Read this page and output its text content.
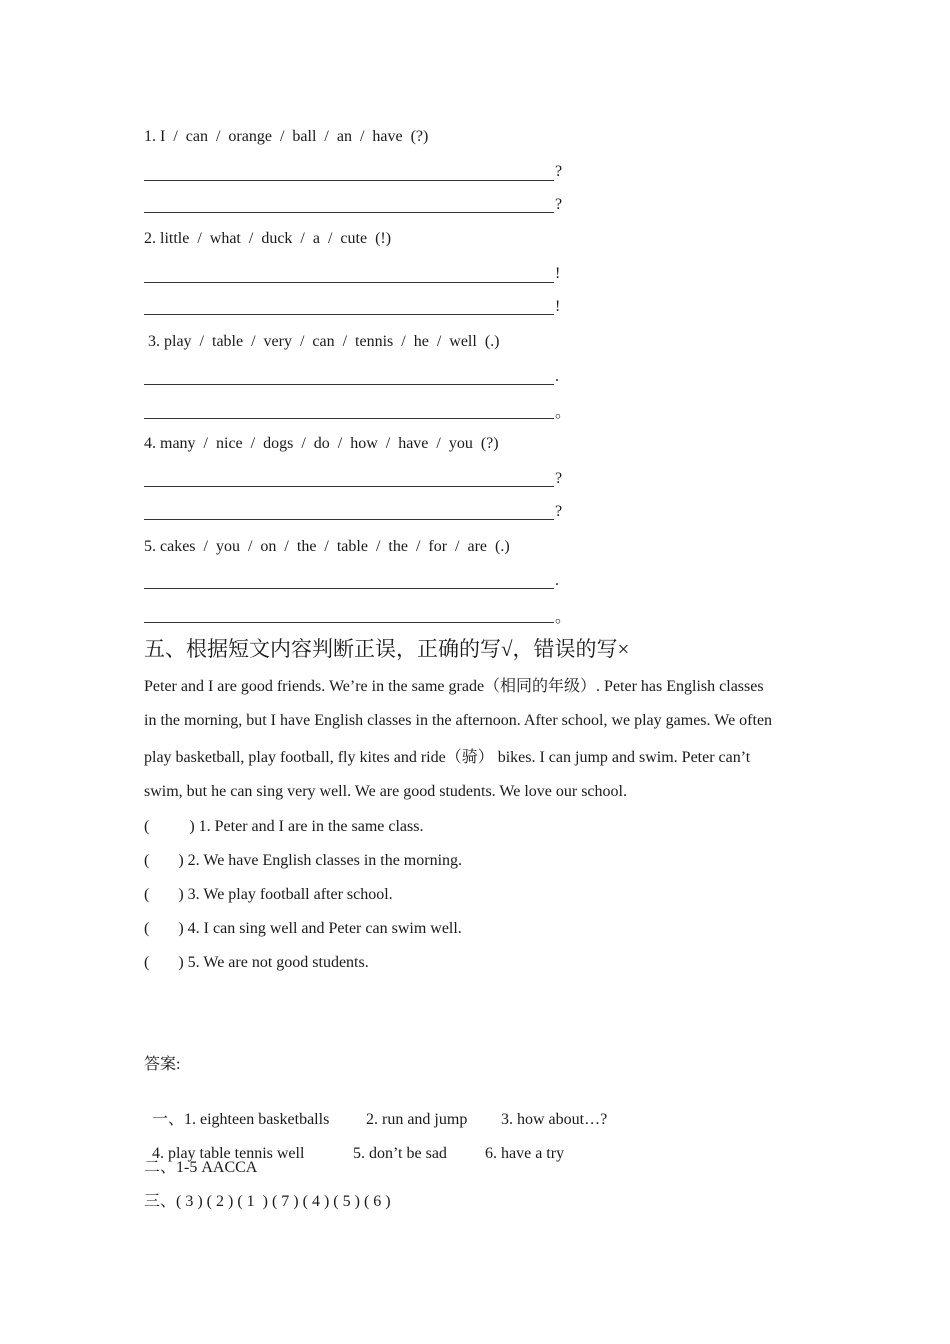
1. I  /  can  /  orange  /  ball  /  an  /  have  (?)
?
?
2. little  /  what  /  duck  /  a  /  cute  (!)
!
!
3. play  /  table  /  very  /  can  /  tennis  /  he  /  well  (.)
.
。
4. many  /  nice  /  dogs  /  do  /  how  /  have  /  you  (?)
?
?
5. cakes  /  you  /  on  /  the  /  table  /  the  /  for  /  are  (.)
.
。
五、根据短文内容判断正误，正确的写√，错误的写×
Peter and I are good friends. We’re in the same grade（相同的年级）. Peter has English classes
in the morning, but I have English classes in the afternoon. After school, we play games. We often
play basketball, play football, fly kites and ride（骑） bikes. I can jump and swim. Peter can’t
swim, but he can sing very well. We are good students. We love our school.
(	) 1. Peter and I are in the same class.
( ) 2. We have English classes in the morning.
( ) 3. We play football after school.
( ) 4. I can sing well and Peter can swim well.
( ) 5. We are not good students.
答案:

一、1. eighteen basketballs 2. run and jump 3. how about…?

4. play table tennis well	5. don’t be sad 6. have a try

二、1-5 AACCA
三、( 3 ) ( 2 ) ( 1  ) ( 7 ) ( 4 ) ( 5 ) ( 6 )
